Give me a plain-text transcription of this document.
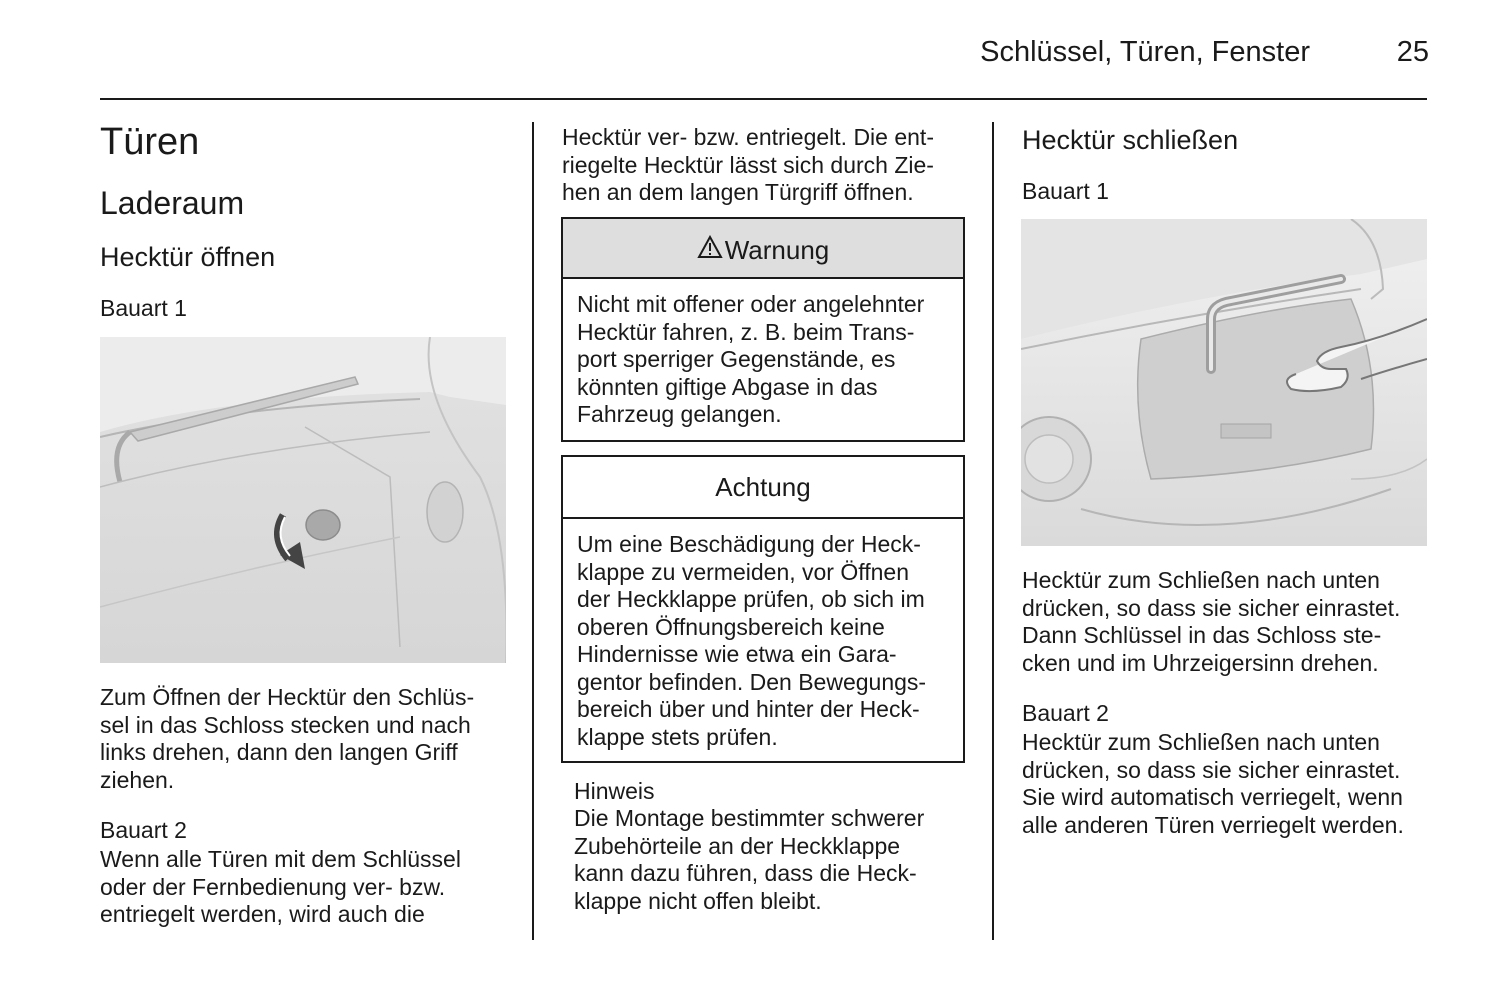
Schlüssel, Türen, Fenster	25
Türen
Laderaum
Hecktür öffnen
Bauart 1
Zum Öffnen der Hecktür den Schlüs-
sel in das Schloss stecken und nach
links drehen, dann den langen Griff
ziehen.
Bauart 2
Wenn alle Türen mit dem Schlüssel
oder der Fernbedienung ver- bzw.
entriegelt werden, wird auch die
Hecktür ver- bzw. entriegelt. Die ent-
riegelte Hecktür lässt sich durch Zie-
hen an dem langen Türgriff öffnen.
Warnung
Nicht mit offener oder angelehnter
Hecktür fahren, z. B. beim Trans-
port sperriger Gegenstände, es
könnten giftige Abgase in das
Fahrzeug gelangen.
Achtung
Um eine Beschädigung der Heck-
klappe zu vermeiden, vor Öffnen
der Heckklappe prüfen, ob sich im
oberen Öffnungsbereich keine
Hindernisse wie etwa ein Gara-
gentor befinden. Den Bewegungs-
bereich über und hinter der Heck-
klappe stets prüfen.
Hinweis
Die Montage bestimmter schwerer
Zubehörteile an der Heckklappe
kann dazu führen, dass die Heck-
klappe nicht offen bleibt.
Hecktür schließen
Bauart 1
Hecktür zum Schließen nach unten
drücken, so dass sie sicher einrastet.
Dann Schlüssel in das Schloss ste-
cken und im Uhrzeigersinn drehen.
Bauart 2
Hecktür zum Schließen nach unten
drücken, so dass sie sicher einrastet.
Sie wird automatisch verriegelt, wenn
alle anderen Türen verriegelt werden.
